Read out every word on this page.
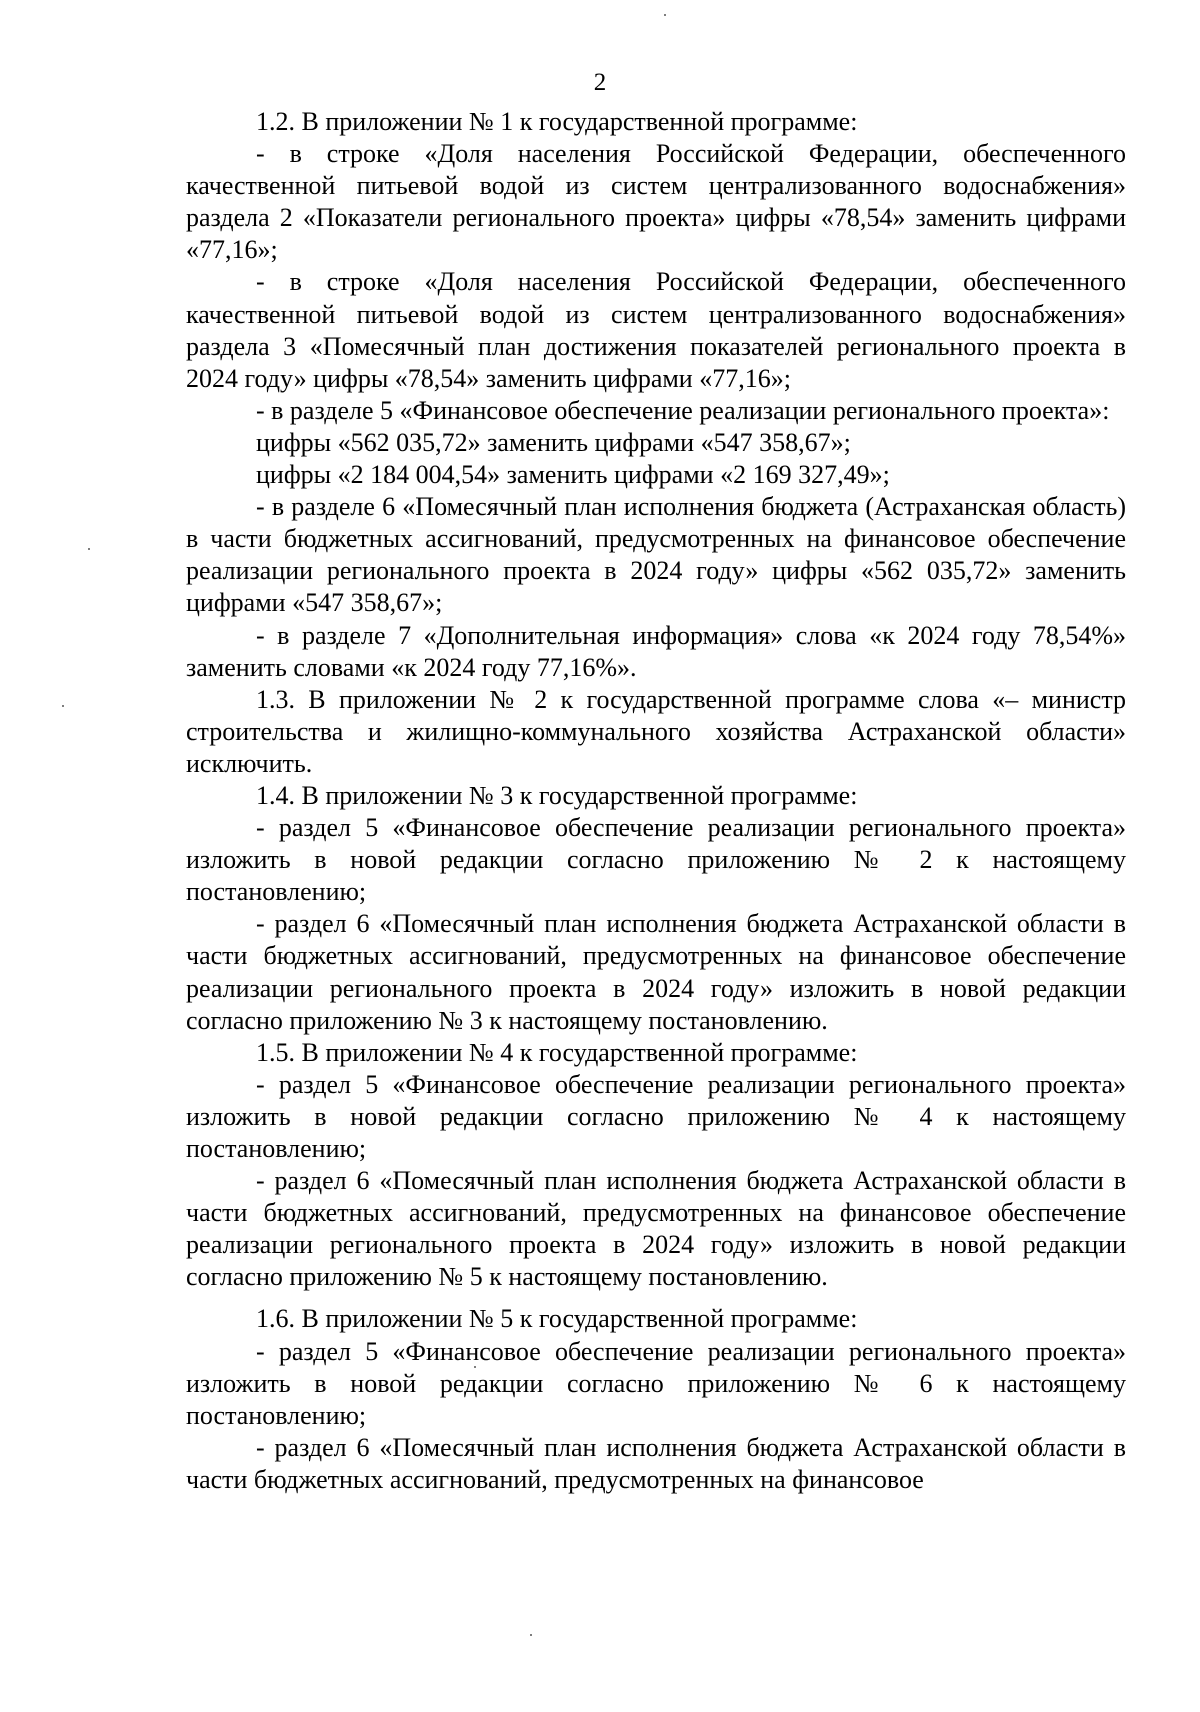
2

1.2. В приложении № 1 к государственной программе:

- в строке «Доля населения Российской Федерации, обеспеченного качественной питьевой водой из систем централизованного водоснабжения» раздела 2 «Показатели регионального проекта» цифры «78,54» заменить цифрами «77,16»;

- в строке «Доля населения Российской Федерации, обеспеченного качественной питьевой водой из систем централизованного водоснабжения» раздела 3 «Помесячный план достижения показателей регионального проекта в 2024 году» цифры «78,54» заменить цифрами «77,16»;

- в разделе 5 «Финансовое обеспечение реализации регионального проекта»:

цифры «562 035,72» заменить цифрами «547 358,67»;

цифры «2 184 004,54» заменить цифрами «2 169 327,49»;

- в разделе 6 «Помесячный план исполнения бюджета (Астраханская область) в части бюджетных ассигнований, предусмотренных на финансовое обеспечение реализации регионального проекта в 2024 году» цифры «562 035,72» заменить цифрами «547 358,67»;

- в разделе 7 «Дополнительная информация» слова «к 2024 году 78,54%» заменить словами «к 2024 году 77,16%».

1.3. В приложении № 2 к государственной программе слова «– министр строительства и жилищно-коммунального хозяйства Астраханской области» исключить.

1.4. В приложении № 3 к государственной программе:

- раздел 5 «Финансовое обеспечение реализации регионального проекта» изложить в новой редакции согласно приложению № 2 к настоящему постановлению;

- раздел 6 «Помесячный план исполнения бюджета Астраханской области в части бюджетных ассигнований, предусмотренных на финансовое обеспечение реализации регионального проекта в 2024 году» изложить в новой редакции согласно приложению № 3 к настоящему постановлению.

1.5. В приложении № 4 к государственной программе:

- раздел 5 «Финансовое обеспечение реализации регионального проекта» изложить в новой редакции согласно приложению № 4 к настоящему постановлению;

- раздел 6 «Помесячный план исполнения бюджета Астраханской области в части бюджетных ассигнований, предусмотренных на финансовое обеспечение реализации регионального проекта в 2024 году» изложить в новой редакции согласно приложению № 5 к настоящему постановлению.

1.6. В приложении № 5 к государственной программе:

- раздел 5 «Финансовое обеспечение реализации регионального проекта» изложить в новой редакции согласно приложению № 6 к настоящему постановлению;

- раздел 6 «Помесячный план исполнения бюджета Астраханской области в части бюджетных ассигнований, предусмотренных на финансовое
